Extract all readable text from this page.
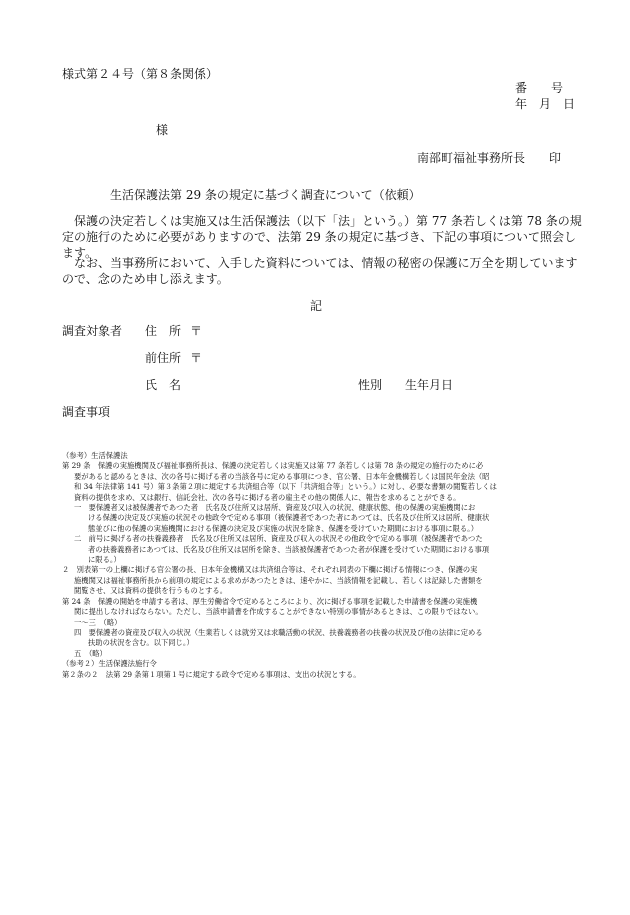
様式第２４号（第８条関係）
番　　号
年　月　日
様
南部町福祉事務所長　　印
生活保護法第 29 条の規定に基づく調査について（依頼）

保護の決定若しくは実施又は生活保護法（以下「法」という。）第 77 条若しくは第 78 条の規定の施行のために必要がありますので、法第 29 条の規定に基づき、下記の事項について照会します。

なお、当事務所において、入手した資料については、情報の秘密の保護に万全を期していますので、念のため申し添えます。

記
調査対象者 住　所 〒
前住所 〒
氏　名	性別 生年月日
調査事項
（参考）生活保護法
第 29 条　保護の実施機関及び福祉事務所長は、保護の決定若しくは実施又は第 77 条若しくは第 78 条の規定の施行のために必
要があると認めるときは、次の各号に掲げる者の当該各号に定める事項につき、官公署、日本年金機構若しくは国民年金法（昭
和 34 年法律第 141 号）第３条第２項に規定する共済組合等（以下「共済組合等」という。）に対し、必要な書類の閲覧若しくは
資料の提供を求め、又は銀行、信託会社、次の各号に掲げる者の雇主その他の関係人に、報告を求めることができる。
一　要保護者又は被保護者であつた者　氏名及び住所又は居所、資産及び収入の状況、健康状態、他の保護の実施機関にお
ける保護の決定及び実施の状況その他政令で定める事項（被保護者であつた者にあつては、氏名及び住所又は居所、健康状
態並びに他の保護の実施機関における保護の決定及び実施の状況を除き、保護を受けていた期間における事項に限る。）
二　前号に掲げる者の扶養義務者　氏名及び住所又は居所、資産及び収入の状況その他政令で定める事項（被保護者であつた
者の扶養義務者にあつては、氏名及び住所又は居所を除き、当該被保護者であつた者が保護を受けていた期間における事項
に限る。）
２　別表第一の上欄に掲げる官公署の長、日本年金機構又は共済組合等は、それぞれ同表の下欄に掲げる情報につき、保護の実
施機関又は福祉事務所長から前項の規定による求めがあつたときは、速やかに、当該情報を記載し、若しくは記録した書類を
閲覧させ、又は資料の提供を行うものとする。
第 24 条　保護の開始を申請する者は、厚生労働省令で定めるところにより、次に掲げる事項を記載した申請書を保護の実施機
関に提出しなければならない。ただし、当該申請書を作成することができない特別の事情があるときは、この限りではない。
一～三　（略）
四　要保護者の資産及び収入の状況（生業若しくは就労又は求職活動の状況、扶養義務者の扶養の状況及び他の法律に定める
扶助の状況を含む。以下同じ。）
五　（略）
（参考２）生活保護法施行令
第２条の２　法第 29 条第１項第１号に規定する政令で定める事項は、支出の状況とする。
